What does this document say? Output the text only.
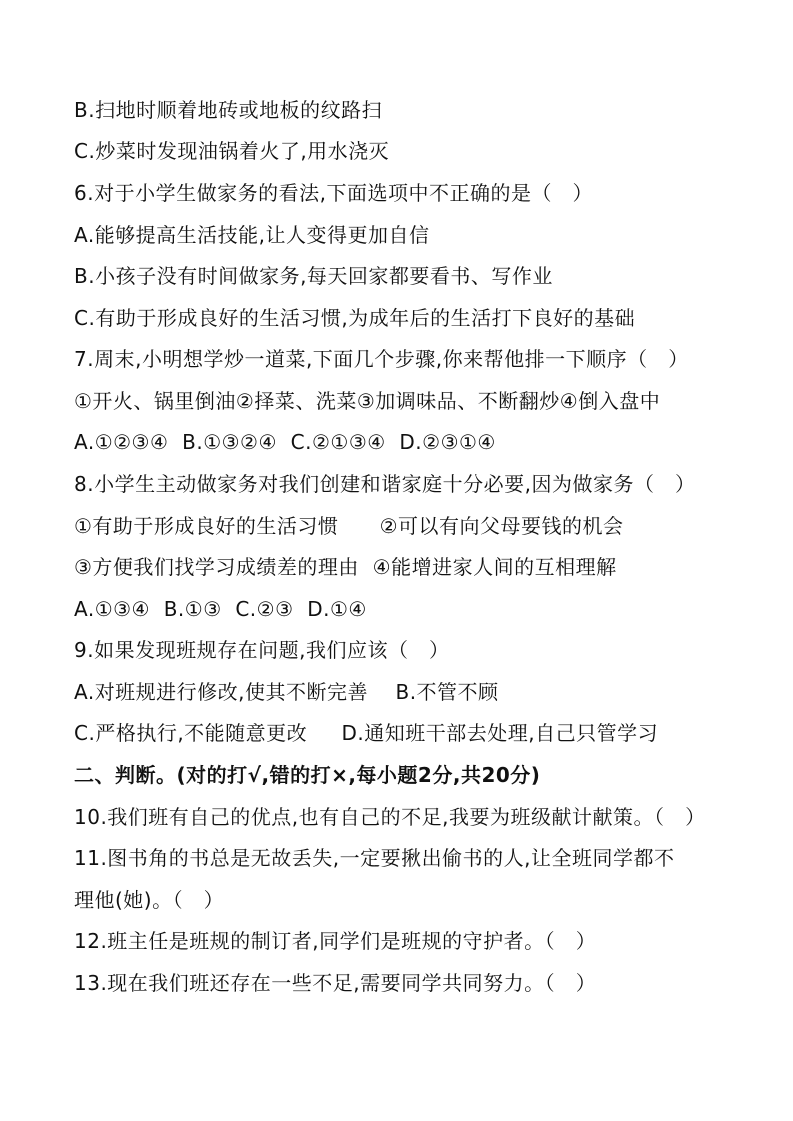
B.扫地时顺着地砖或地板的纹路扫
C.炒菜时发现油锅着火了,用水浇灭
6.对于小学生做家务的看法,下面选项中不正确的是（   ）
A.能够提高生活技能,让人变得更加自信
B.小孩子没有时间做家务,每天回家都要看书、写作业
C.有助于形成良好的生活习惯,为成年后的生活打下良好的基础
7.周末,小明想学炒一道菜,下面几个步骤,你来帮他排一下顺序（   ）
①开火、锅里倒油②择菜、洗菜③加调味品、不断翻炒④倒入盘中
A.①②③④  B.①③②④  C.②①③④  D.②③①④
8.小学生主动做家务对我们创建和谐家庭十分必要,因为做家务（   ）
①有助于形成良好的生活习惯      ②可以有向父母要钱的机会
③方便我们找学习成绩差的理由  ④能增进家人间的互相理解
A.①③④  B.①③  C.②③  D.①④
9.如果发现班规存在问题,我们应该（   ）
A.对班规进行修改,使其不断完善    B.不管不顾
C.严格执行,不能随意更改     D.通知班干部去处理,自己只管学习
二、判断。(对的打√,错的打×,每小题2分,共20分)
10.我们班有自己的优点,也有自己的不足,我要为班级献计献策。（   ）
11.图书角的书总是无故丢失,一定要揪出偷书的人,让全班同学都不
理他(她)。（   ）
12.班主任是班规的制订者,同学们是班规的守护者。（   ）
13.现在我们班还存在一些不足,需要同学共同努力。（   ）
